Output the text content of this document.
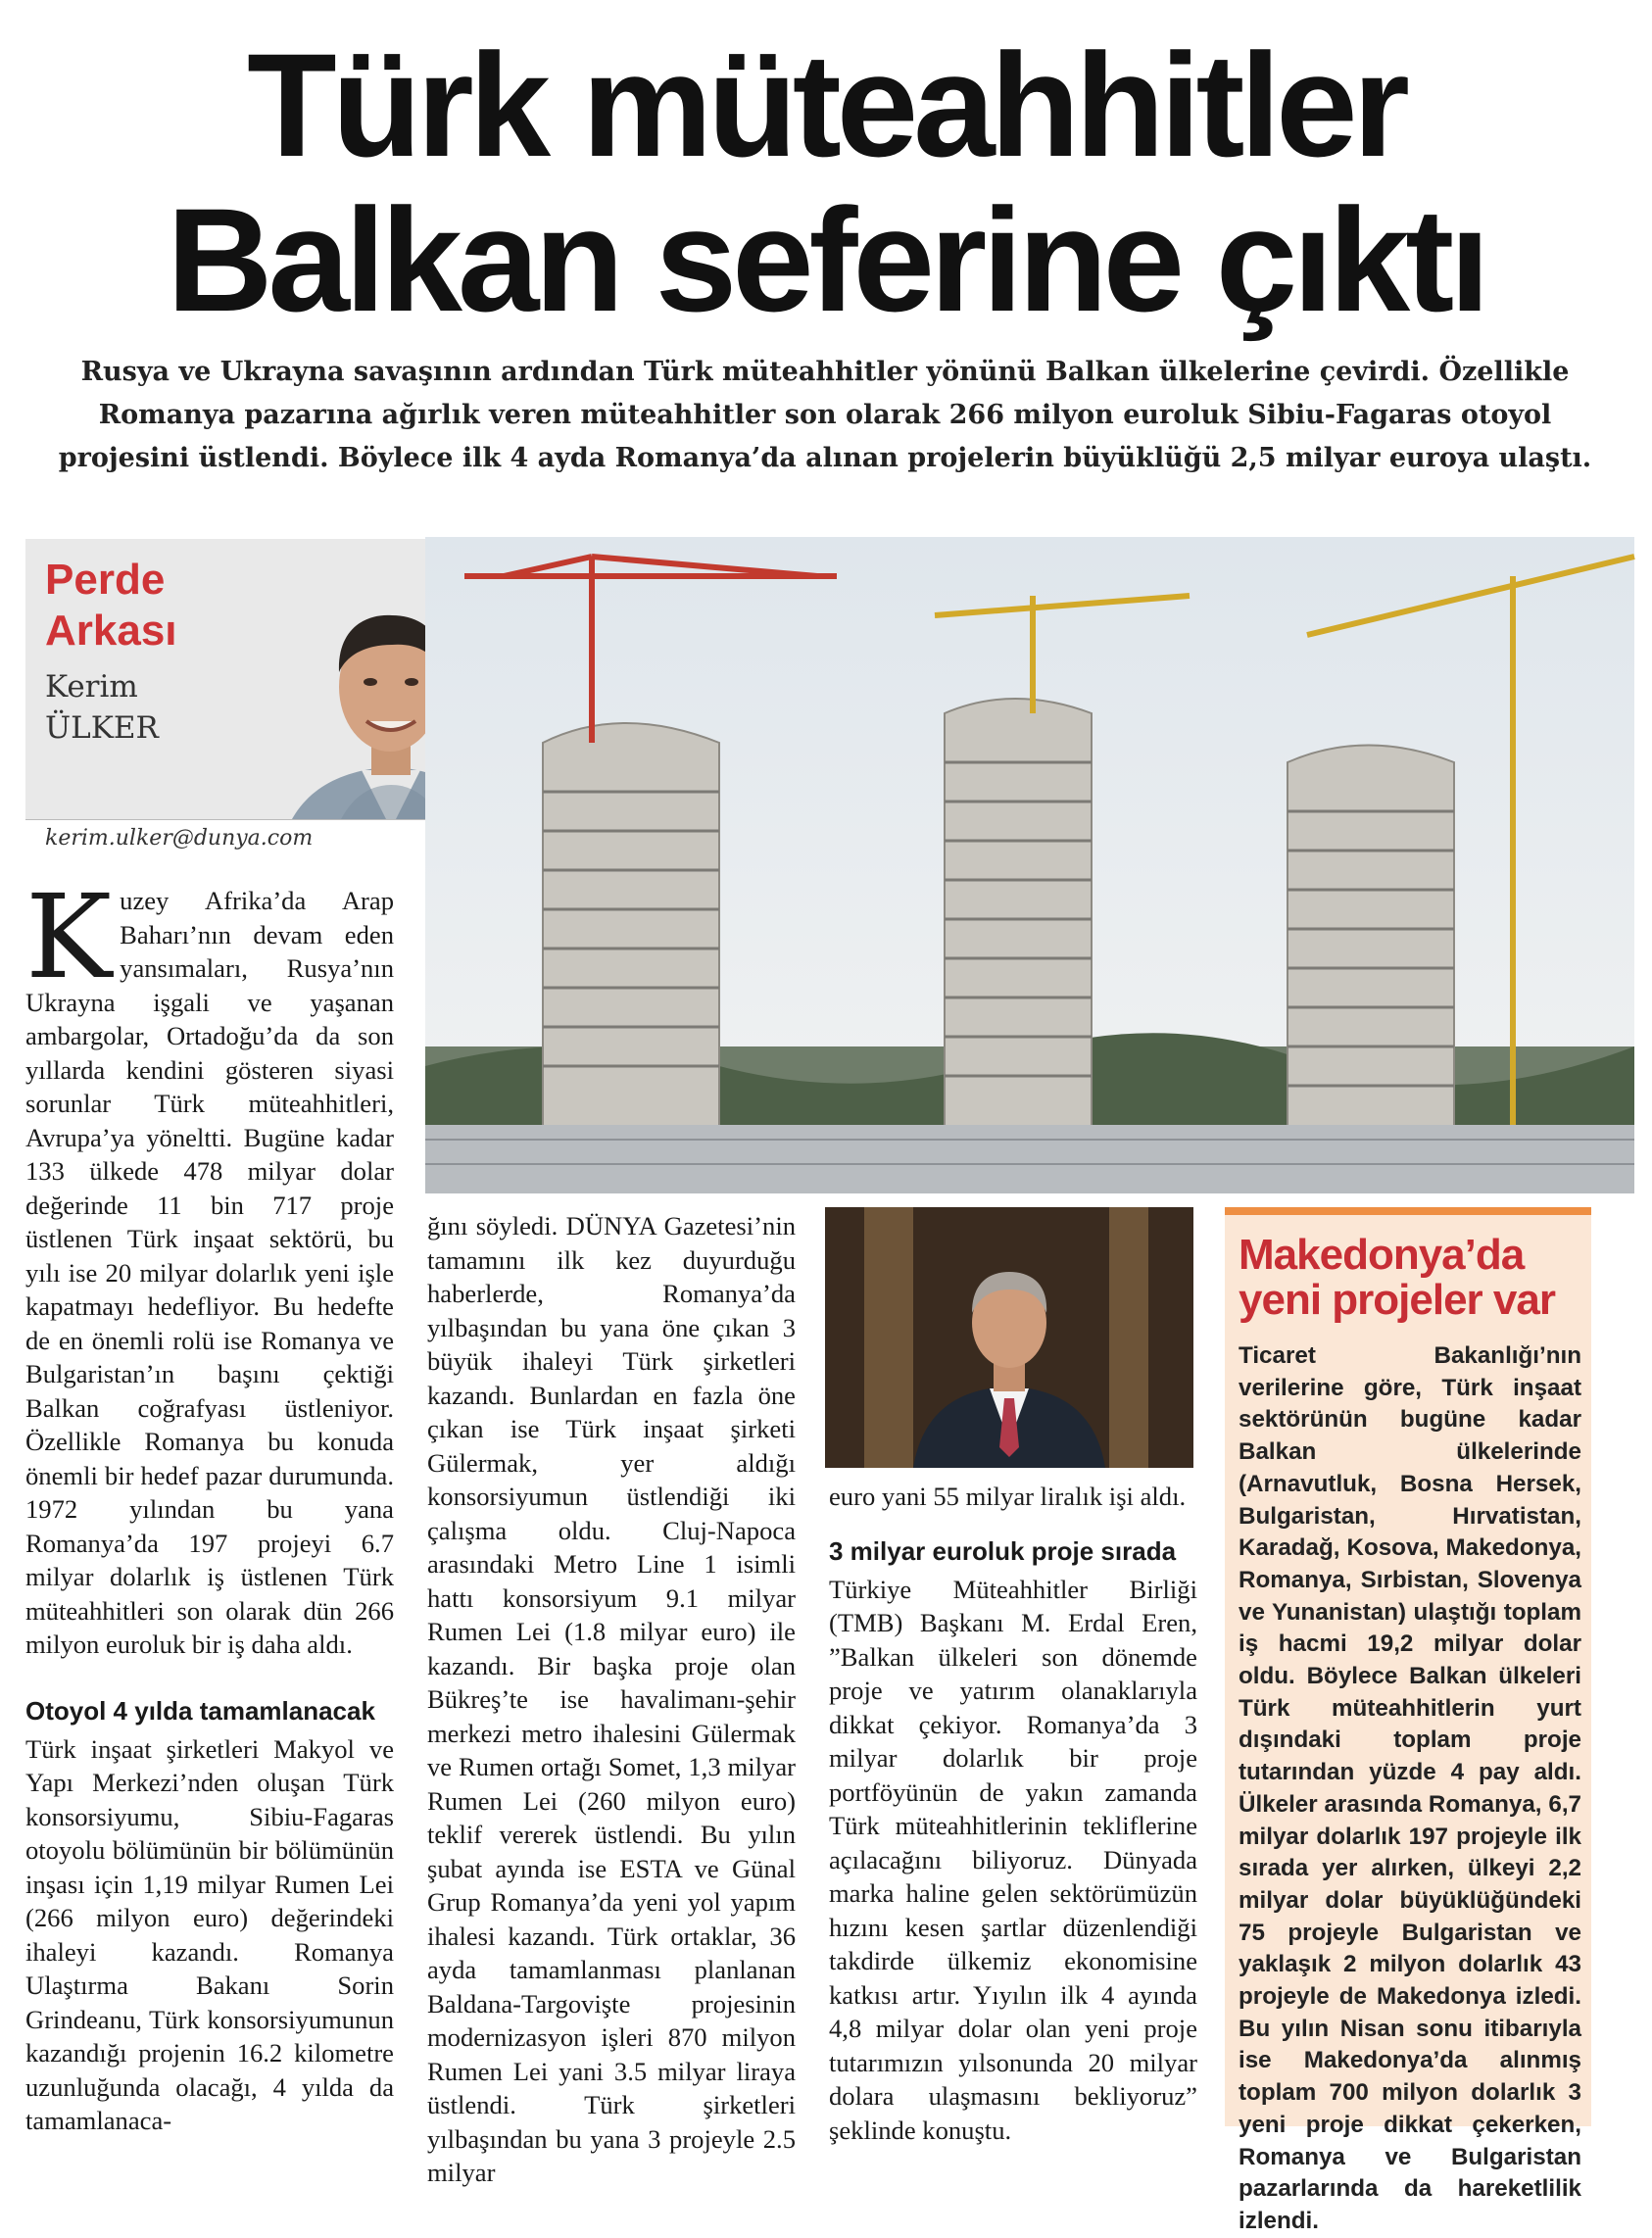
Türk müteahhitler
Balkan seferine çıktı
Rusya ve Ukrayna savaşının ardından Türk müteahhitler yönünü Balkan ülkelerine çevirdi. Özellikle Romanya pazarına ağırlık veren müteahhitler son olarak 266 milyon euroluk Sibiu-Fagaras otoyol projesini üstlendi. Böylece ilk 4 ayda Romanya’da alınan projelerin büyüklüğü 2,5 milyar euroya ulaştı.
Perde
Arkası
Kerim
ÜLKER
kerim.ulker@dunya.com
K uzey Afrika’da Arap Baharı’nın devam eden yansımaları, Rusya’nın Ukrayna işgali ve yaşanan ambargolar, Ortadoğu’da da son yıllarda kendini gösteren siyasi sorunlar Türk müteahhitleri, Avrupa’ya yöneltti. Bugüne kadar 133 ülkede 478 milyar dolar değerinde 11 bin 717 proje üstlenen Türk inşaat sektörü, bu yılı ise 20 milyar dolarlık yeni işle kapatmayı hedefliyor. Bu hedefte de en önemli rolü ise Romanya ve Bulgaristan’ın başını çektiği Balkan coğrafyası üstleniyor. Özellikle Romanya bu konuda önemli bir hedef pazar durumunda. 1972 yılından bu yana Romanya’da 197 projeyi 6.7 milyar dolarlık iş üstlenen Türk müteahhitleri son olarak dün 266 milyon euroluk bir iş daha aldı.

Otoyol 4 yılda tamamlanacak

Türk inşaat şirketleri Makyol ve Yapı Merkezi’nden oluşan Türk konsorsiyumu, Sibiu-Fagaras otoyolu bölümünün bir bölümünün inşası için 1,19 milyar Rumen Lei (266 milyon euro) değerindeki ihaleyi kazandı. Romanya Ulaştırma Bakanı Sorin Grindeanu, Türk konsorsiyumunun kazandığı projenin 16.2 kilometre uzunluğunda olacağı, 4 yılda da tamamlanaca-

ğını söyledi. DÜNYA Gazetesi’nin tamamını ilk kez duyurduğu haberlerde, Romanya’da yılbaşından bu yana öne çıkan 3 büyük ihaleyi Türk şirketleri kazandı. Bunlardan en fazla öne çıkan ise Türk inşaat şirketi Gülermak, yer aldığı konsorsiyumun üstlendiği iki çalışma oldu. Cluj-Napoca arasındaki Metro Line 1 isimli hattı konsorsiyum 9.1 milyar Rumen Lei (1.8 milyar euro) ile kazandı. Bir başka proje olan Bükreş’te ise havalimanı-şehir merkezi metro ihalesini Gülermak ve Rumen ortağı Somet, 1,3 milyar Rumen Lei (260 milyon euro) teklif vererek üstlendi. Bu yılın şubat ayında ise ESTA ve Günal Grup Romanya’da yeni yol yapım ihalesi kazandı. Türk ortaklar, 36 ayda tamamlanması planlanan Baldana-Targovişte projesinin modernizasyon işleri 870 milyon Rumen Lei yani 3.5 milyar liraya üstlendi. Türk şirketleri yılbaşından bu yana 3 projeyle 2.5 milyar

euro yani 55 milyar liralık işi aldı.

3 milyar euroluk proje sırada

Türkiye Müteahhitler Birliği (TMB) Başkanı M. Erdal Eren, ”Balkan ülkeleri son dönemde proje ve yatırım olanaklarıyla dikkat çekiyor. Romanya’da 3 milyar dolarlık bir proje portföyünün de yakın zamanda Türk müteahhitlerinin tekliflerine açılacağını biliyoruz. Dünyada marka haline gelen sektörümüzün hızını kesen şartlar düzenlendiği takdirde ülkemiz ekonomisine katkısı artır. Yıyılın ilk 4 ayında 4,8 milyar dolar olan yeni proje tutarımızın yılsonunda 20 milyar dolara ulaşmasını bekliyoruz” şeklinde konuştu.

Makedonya’da yeni projeler var
Ticaret Bakanlığı’nın verilerine göre, Türk inşaat sektörünün bugüne kadar Balkan ülkelerinde (Arnavutluk, Bosna Hersek, Bulgaristan, Hırvatistan, Karadağ, Kosova, Makedonya, Romanya, Sırbistan, Slovenya ve Yunanistan) ulaştığı toplam iş hacmi 19,2 milyar dolar oldu. Böylece Balkan ülkeleri Türk müteahhitlerin yurt dışındaki toplam proje tutarından yüzde 4 pay aldı. Ülkeler arasında Romanya, 6,7 milyar dolarlık 197 projeyle ilk sırada yer alırken, ülkeyi 2,2 milyar dolar büyüklüğündeki 75 projeyle Bulgaristan ve yaklaşık 2 milyon dolarlık 43 projeyle de Makedonya izledi. Bu yılın Nisan sonu itibarıyla ise Makedonya’da alınmış toplam 700 milyon dolarlık 3 yeni proje dikkat çekerken, Romanya ve Bulgaristan pazarlarında da hareketlilik izlendi.
